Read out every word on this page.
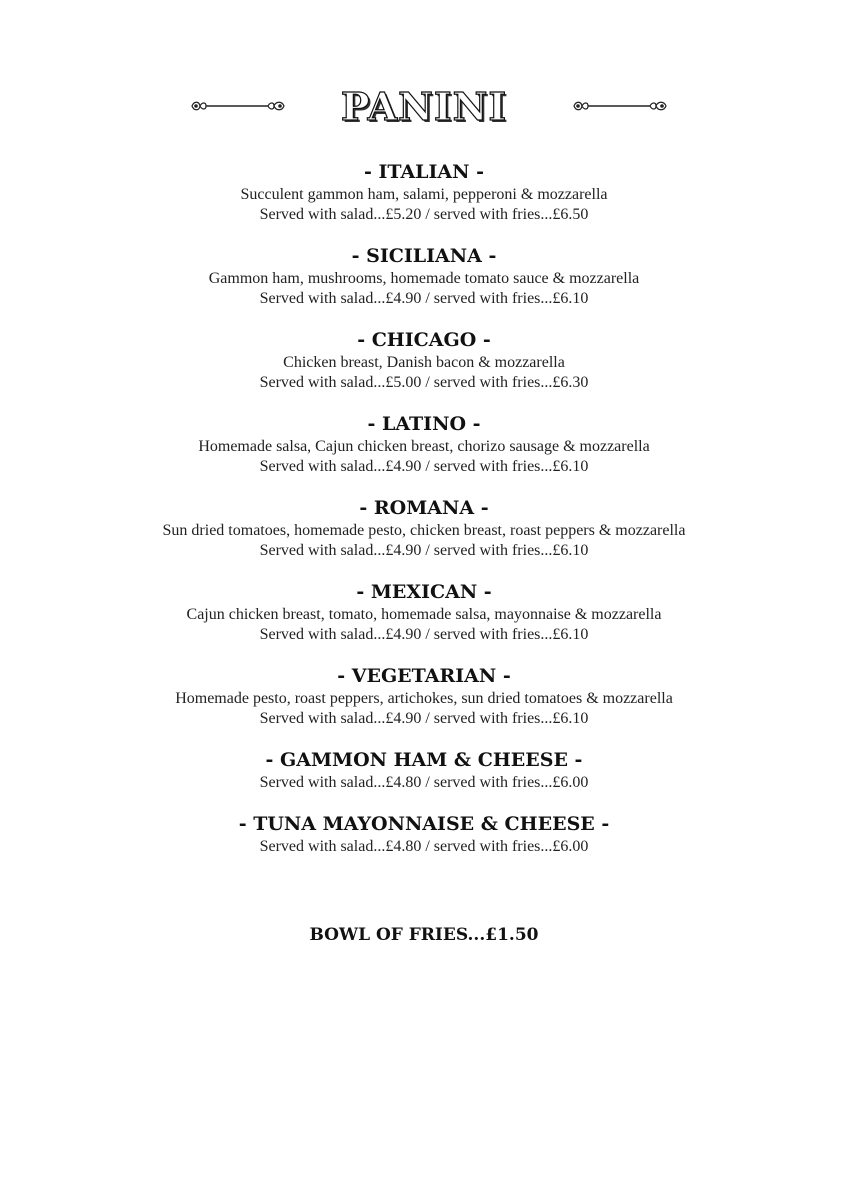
PANINI
- ITALIAN -
Succulent gammon ham, salami, pepperoni & mozzarella
Served with salad...£5.20 / served with fries...£6.50
- SICILIANA -
Gammon ham, mushrooms, homemade tomato sauce & mozzarella
Served with salad...£4.90 / served with fries...£6.10
- CHICAGO -
Chicken breast, Danish bacon & mozzarella
Served with salad...£5.00 / served with fries...£6.30
- LATINO -
Homemade salsa, Cajun chicken breast, chorizo sausage & mozzarella
Served with salad...£4.90 / served with fries...£6.10
- ROMANA -
Sun dried tomatoes, homemade pesto, chicken breast, roast peppers & mozzarella
Served with salad...£4.90 / served with fries...£6.10
- MEXICAN -
Cajun chicken breast, tomato, homemade salsa, mayonnaise & mozzarella
Served with salad...£4.90 / served with fries...£6.10
- VEGETARIAN -
Homemade pesto, roast peppers, artichokes, sun dried tomatoes & mozzarella
Served with salad...£4.90 / served with fries...£6.10
- GAMMON HAM & CHEESE -
Served with salad...£4.80 / served with fries...£6.00
- TUNA MAYONNAISE & CHEESE -
Served with salad...£4.80 / served with fries...£6.00
BOWL OF FRIES...£1.50
